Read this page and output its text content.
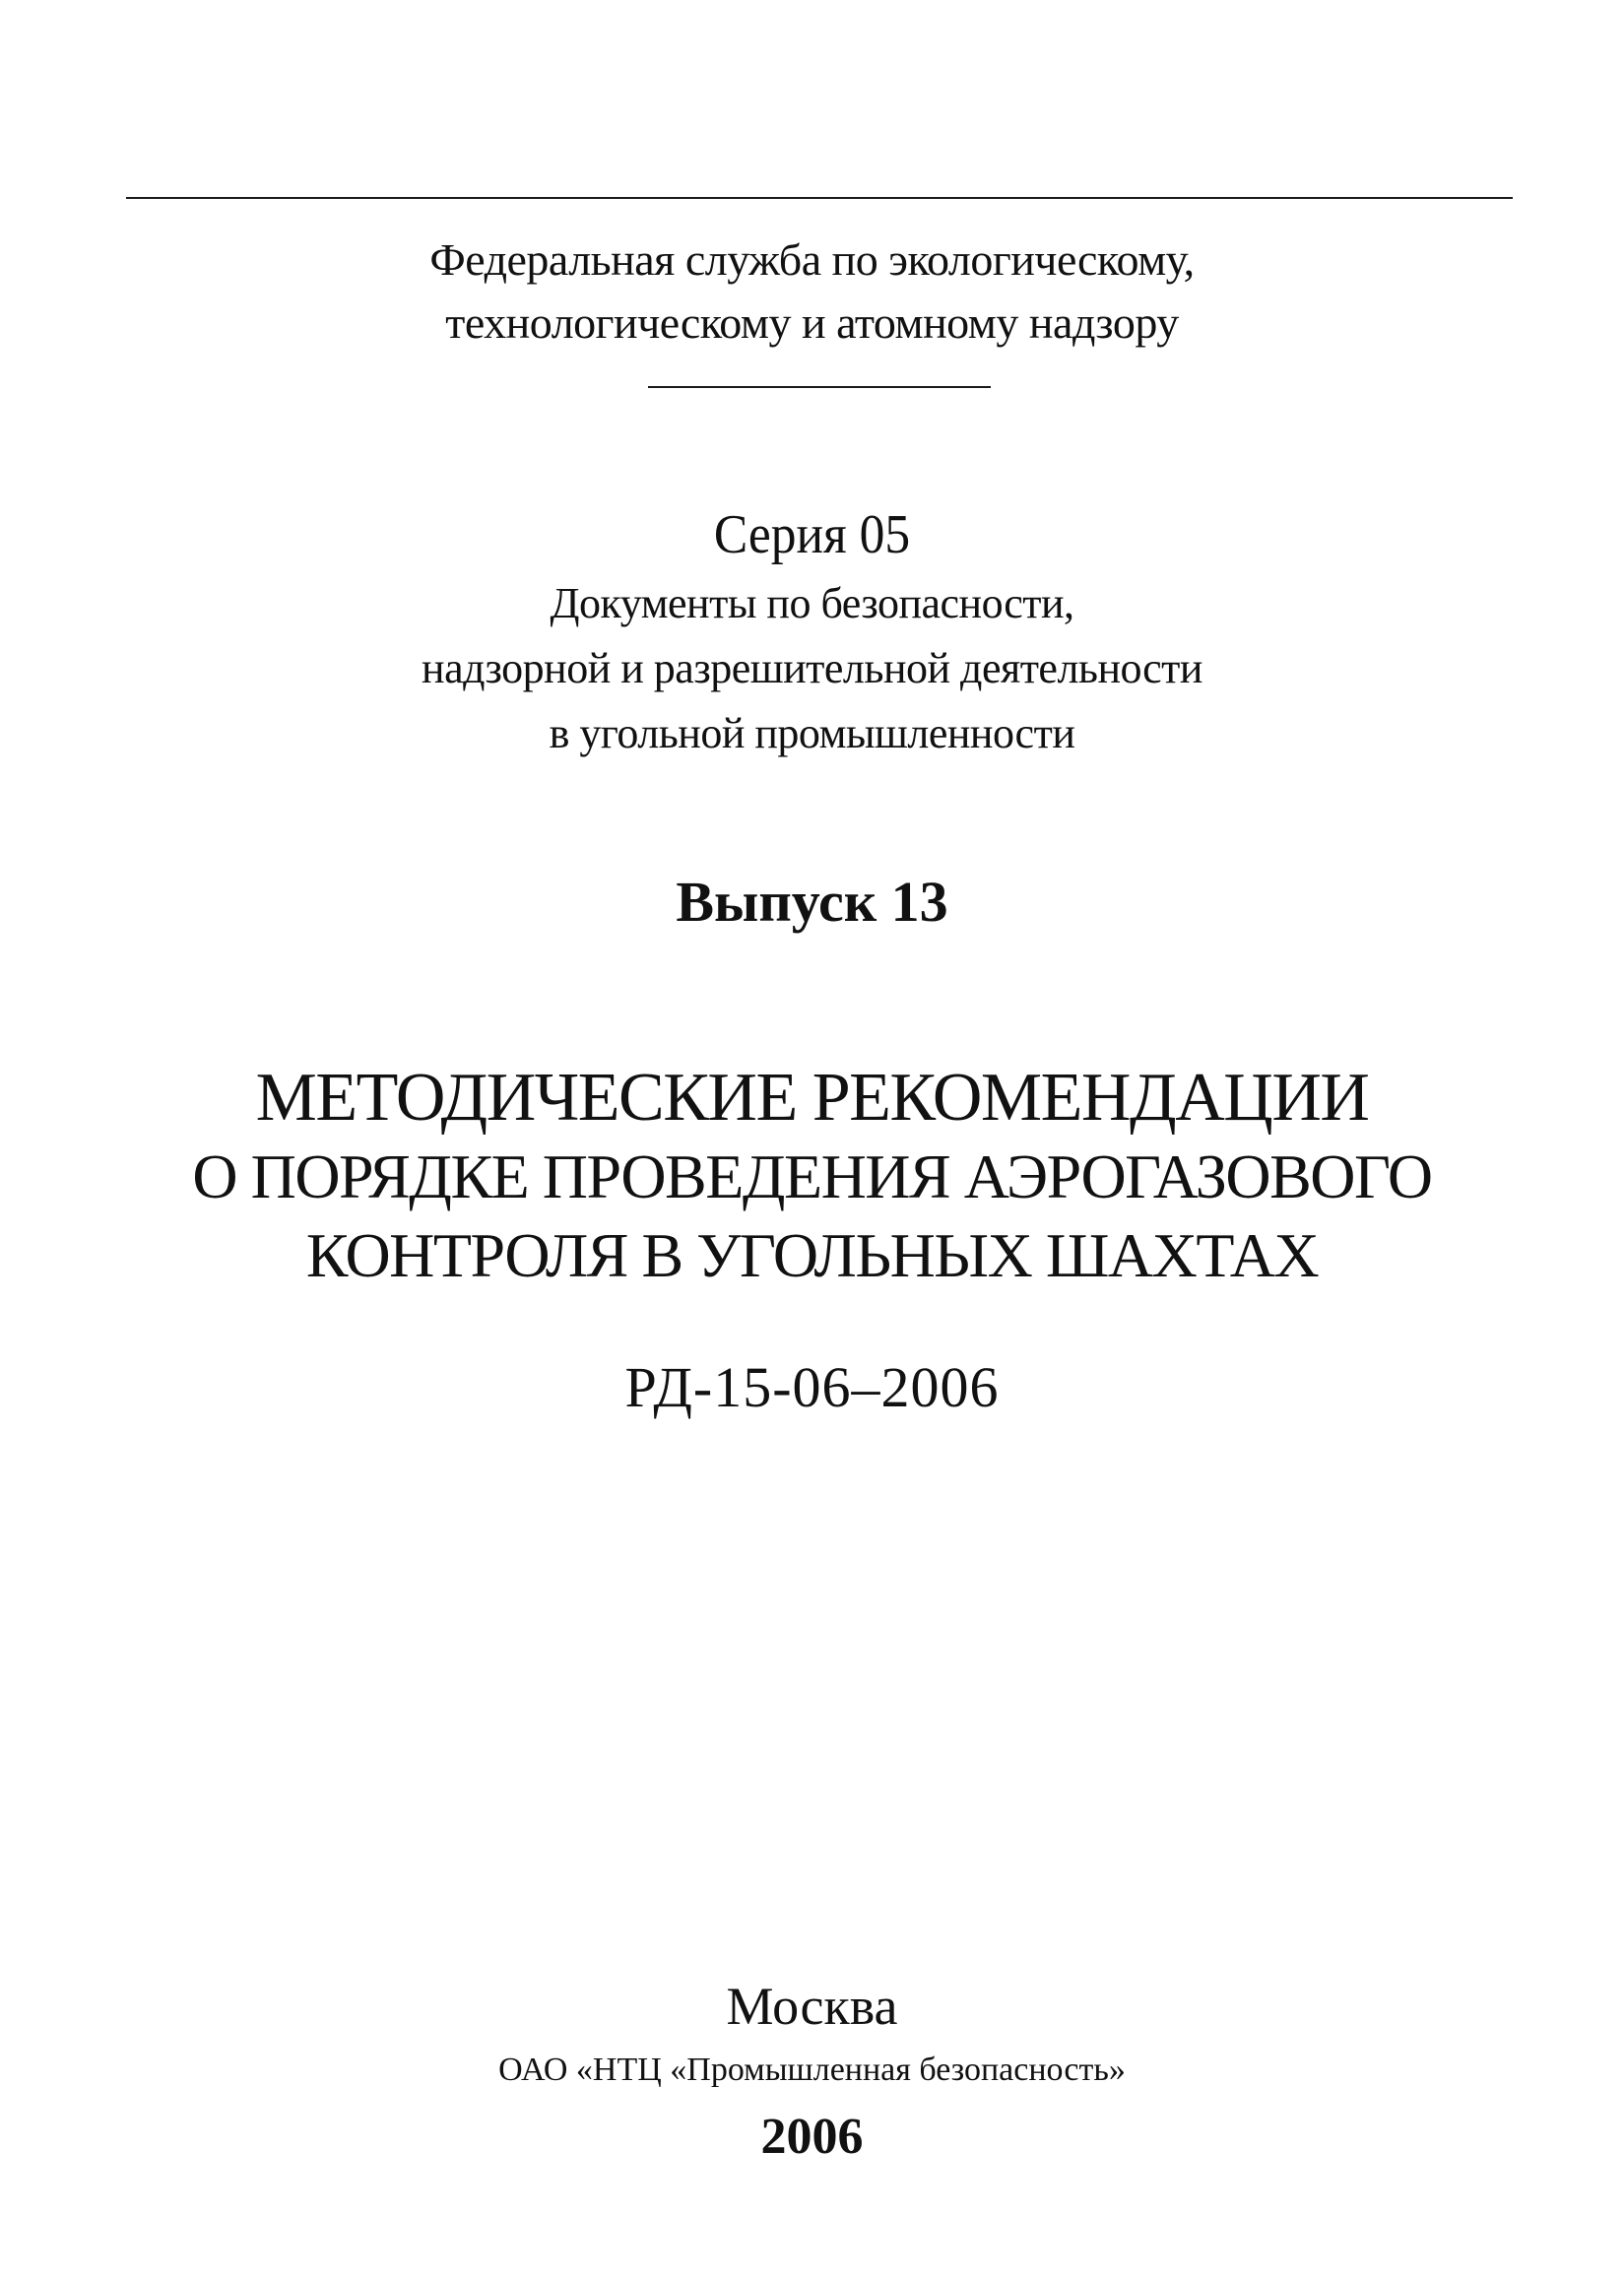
Федеральная служба по экологическому,
технологическому и атомному надзору
Серия 05
Документы по безопасности,
надзорной и разрешительной деятельности
в угольной промышленности
Выпуск 13
МЕТОДИЧЕСКИЕ РЕКОМЕНДАЦИИ
О ПОРЯДКЕ ПРОВЕДЕНИЯ АЭРОГАЗОВОГО
КОНТРОЛЯ В УГОЛЬНЫХ ШАХТАХ
РД-15-06–2006
Москва
ОАО «НТЦ «Промышленная безопасность»
2006
